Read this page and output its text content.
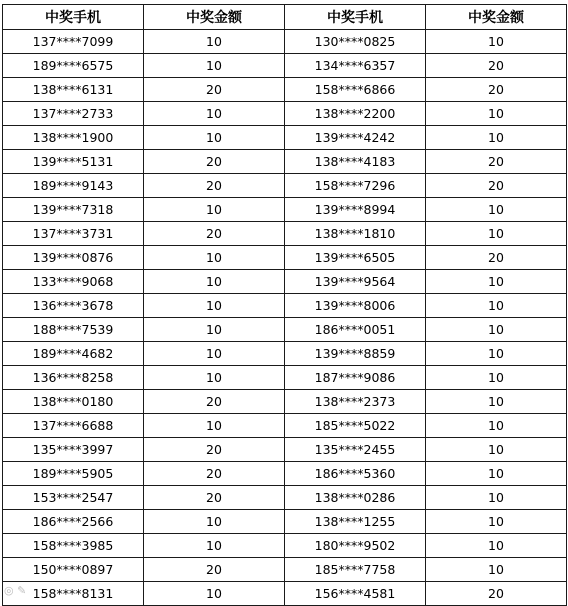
中奖手机	中奖金额	中奖手机	中奖金额
137****7099	10	130****0825	10
189****6575	10	134****6357	20
138****6131	20	158****6866	20
137****2733	10	138****2200	10
138****1900	10	139****4242	10
139****5131	20	138****4183	20
189****9143	20	158****7296	20
139****7318	10	139****8994	10
137****3731	20	138****1810	10
139****0876	10	139****6505	20
133****9068	10	139****9564	10
136****3678	10	139****8006	10
188****7539	10	186****0051	10
189****4682	10	139****8859	10
136****8258	10	187****9086	10
138****0180	20	138****2373	10
137****6688	10	185****5022	10
135****3997	20	135****2455	10
189****5905	20	186****5360	10
153****2547	20	138****0286	10
186****2566	10	138****1255	10
158****3985	10	180****9502	10
150****0897	20	185****7758	10
158****8131	10	156****4581	20
◎ ✎
